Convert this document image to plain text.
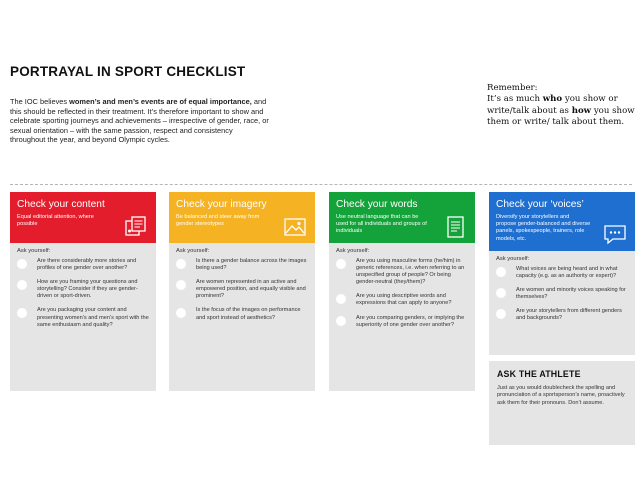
PORTRAYAL IN SPORT CHECKLIST

The IOC believes women’s and men’s events are of equal importance, and this should be reflected in their treatment. It’s therefore important to show and celebrate sporting journeys and achievements – irrespective of gender, race, or sexual orientation – with the same passion, respect and consistency throughout the year, and beyond Olympic cycles.

Remember:
It’s as much who you show or write/talk about as how you show them or write/ talk about them.
Check your content
Equal editorial attention, where possible
Ask yourself:
Are there considerably more stories and profiles of one gender over another?
How are you framing your questions and storytelling? Consider if they are gender-driven or sport-driven.
Are you packaging your content and presenting women’s and men’s sport with the same enthusiasm and quality?
Check your imagery
Be balanced and steer away from gender stereotypes
Ask yourself:
Is there a gender balance across the images being used?
Are women represented in an active and empowered position, and equally visible and prominent?
Is the focus of the images on performance and sport instead of aesthetics?
Check your words
Use neutral language that can be used for all individuals and groups of individuals
Ask yourself:
Are you using masculine forms (he/him) in generic references, i.e. when referring to an unspecified group of people? Or being gender-neutral (they/them)?
Are you using descriptive words and expressions that can apply to anyone?
Are you comparing genders, or implying the superiority of one gender over another?
Check your ‘voices’
Diversify your storytellers and propose gender-balanced and diverse panels, spokespeople, trainers, role models, etc.
Ask yourself:
What voices are being heard and in what capacity (e.g. as an authority or expert)?
Are women and minority voices speaking for themselves?
Are your storytellers from different genders and backgrounds?
ASK THE ATHLETE
Just as you would doublecheck the spelling and pronunciation of a sportsperson’s name, proactively ask them for their pronouns. Don’t assume.
